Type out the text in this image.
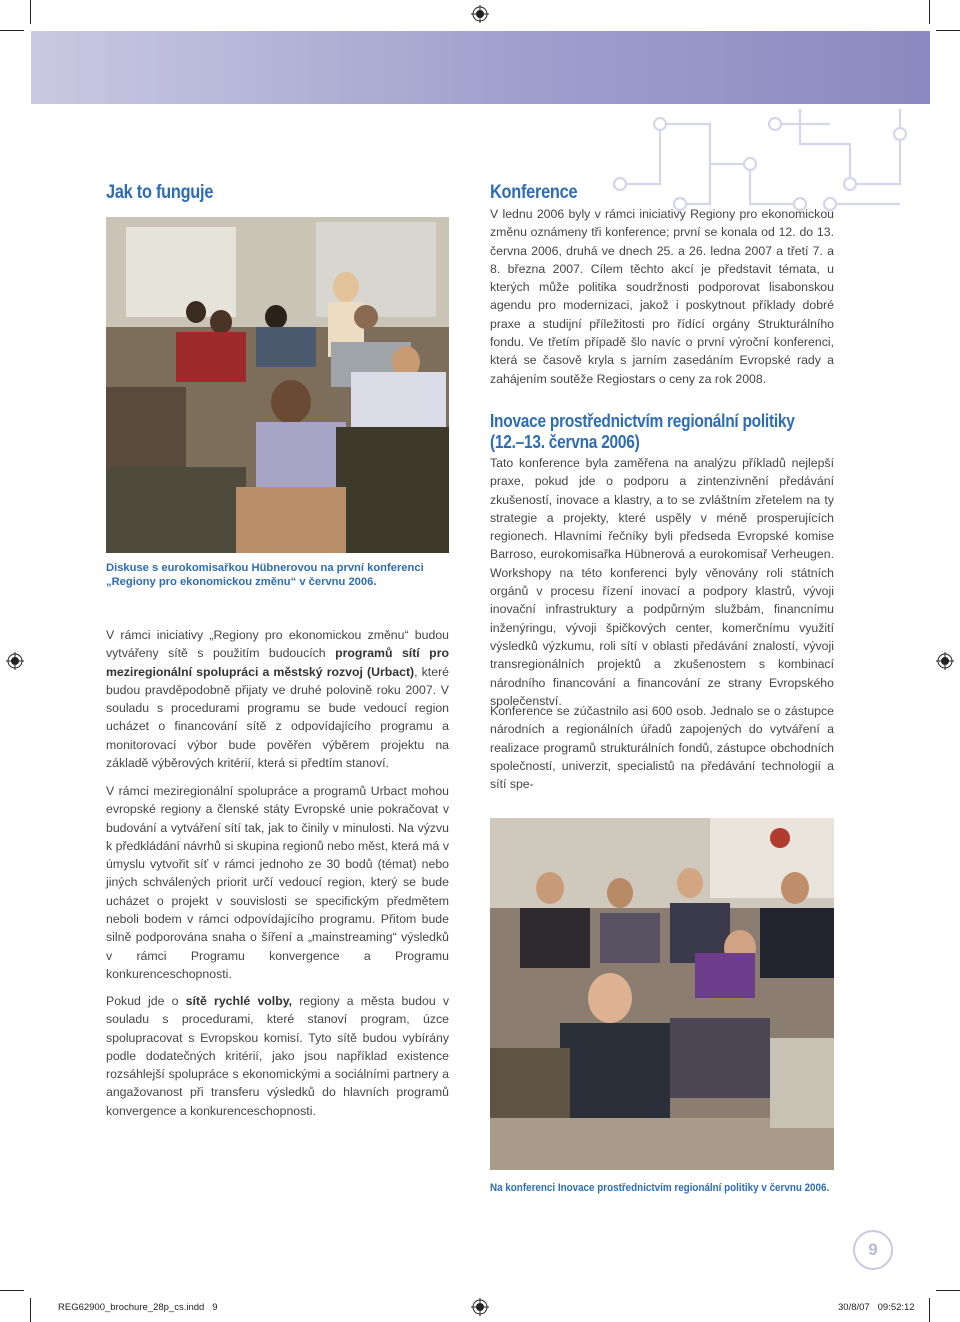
Jak to funguje
Diskuse s eurokomisařkou Hübnerovou na první konferenci „Regiony pro ekonomickou změnu“ v červnu 2006.

V rámci iniciativy „Regiony pro ekonomickou změnu“ budou vytvářeny sítě s použitím budoucích programů sítí pro meziregionální spolupráci a městský rozvoj (Urbact), které budou pravděpodobně přijaty ve druhé polovině roku 2007. V souladu s procedurami programu se bude vedoucí region ucházet o financování sítě z odpovídajícího programu a monitorovací výbor bude pověřen výběrem projektu na základě výběrových kritérií, která si předtím stanoví.

V rámci meziregionální spolupráce a programů Urbact mohou evropské regiony a členské státy Evropské unie pokračovat v budování a vytváření sítí tak, jak to činily v minulosti. Na výzvu k předkládání návrhů si skupina regionů nebo měst, která má v úmyslu vytvořit síť v rámci jednoho ze 30 bodů (témat) nebo jiných schválených priorit určí vedoucí region, který se bude ucházet o projekt v souvislosti se specifickým předmětem neboli bodem v rámci odpovídajícího programu. Přitom bude silně podporována snaha o šíření a „mainstreaming“ výsledků v rámci Programu konvergence a Programu konkurenceschopnosti.

Pokud jde o sítě rychlé volby, regiony a města budou v souladu s procedurami, které stanoví program, úzce spolupracovat s Evropskou komisí. Tyto sítě budou vybírány podle dodatečných kritérií, jako jsou například existence rozsáhlejší spolupráce s ekonomickými a sociálními partnery a angažovanost při transferu výsledků do hlavních programů konvergence a konkurenceschopnosti.

Konference

V lednu 2006 byly v rámci iniciativy Regiony pro ekonomickou změnu oznámeny tři konference; první se konala od 12. do 13. června 2006, druhá ve dnech 25. a 26. ledna 2007 a třetí 7. a 8. března 2007. Cílem těchto akcí je představit témata, u kterých může politika soudržnosti podporovat lisabonskou agendu pro modernizaci, jakož i poskytnout příklady dobré praxe a studijní příležitosti pro řídící orgány Strukturálního fondu. Ve třetím případě šlo navíc o první výroční konferenci, která se časově kryla s jarním zasedáním Evropské rady a zahájením soutěže Regiostars o ceny za rok 2008.

Inovace prostřednictvím regionální politiky
(12.–13. června 2006)

Tato konference byla zaměřena na analýzu příkladů nejlepší praxe, pokud jde o podporu a zintenzivnění předávání zkušeností, inovace a klastry, a to se zvláštním zřetelem na ty strategie a projekty, které uspěly v méně prosperujících regionech. Hlavními řečníky byli předseda Evropské komise Barroso, eurokomisařka Hübnerová a eurokomisař Verheugen. Workshopy na této konferenci byly věnovány roli státních orgánů v procesu řízení inovací a podpory klastrů, vývoji inovační infrastruktury a podpůrným službám, financnímu inženýringu, vývoji špičkových center, komerčnímu využití výsledků výzkumu, roli sítí v oblasti předávání znalostí, vývoji transregionálních projektů a zkušenostem s kombinací národního financování a financování ze strany Evropského společenství.

Konference se zúčastnilo asi 600 osob. Jednalo se o zástupce národních a regionálních úřadů zapojených do vytváření a realizace programů strukturálních fondů, zástupce obchodních společností, univerzit, specialistů na předávání technologií a sítí spe-

Na konferenci Inovace prostřednictvím regionální politiky v červnu 2006.
9
REG62900_brochure_28p_cs.indd   9	30/8/07   09:52:12
